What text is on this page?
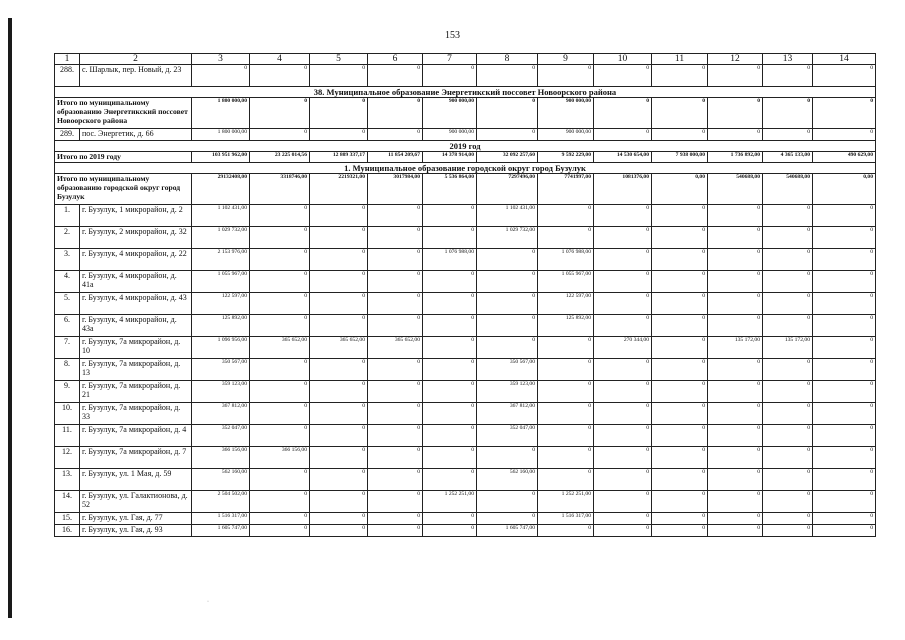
153
1	2	3	4	5	6	7	8	9	10	11	12	13	14
288.	с. Шарлык, пер. Новый, д. 23	0	0	0	0	0	0	0	0	0	0	0	0
38. Муниципальное образование Энергетикский поссовет Новоорского района													
Итого по муниципальному образованию Энергетикский поссовет Новоорского района		1 800 000,00	0	0	0	900 000,00	0	900 000,00	0	0	0	0	0
289.	пос. Энергетик, д. 66	1 800 000,00	0	0	0	900 000,00	0	900 000,00	0	0	0	0	0
2019 год													
Итого по 2019 году		103 951 962,00	23 225 014,56	12 809 337,17	11 854 209,67	14 378 914,00	32 092 257,60	9 592 229,00	14 530 654,00	7 938 000,00	1 736 892,00	4 365 133,00	490 629,00
1. Муниципальное образование городской округ город Бузулук													
Итого по муниципальному образованию городской округ город Бузулук		29132408,00	3318746,00	2219321,00	3017984,00	5 536 864,00	7297496,00	7741997,00	1081376,00	0,00	540688,00	540688,00	0,00
1.	г. Бузулук, 1 микрорайон, д. 2	1 102 431,00	0	0	0	0	1 102 431,00	0	0	0	0	0	0
2.	г. Бузулук, 2 микрорайон, д. 32	1 029 732,00	0	0	0	0	1 029 732,00	0	0	0	0	0	0
3.	г. Бузулук, 4 микрорайон, д. 22	2 153 976,00	0	0	0	1 076 988,00	0	1 076 988,00	0	0	0	0	0
4.	г. Бузулук, 4 микрорайон, д. 41а	1 055 967,00	0	0	0	0	0	1 055 967,00	0	0	0	0	0
5.	г. Бузулук, 4 микрорайон, д. 43	122 597,00	0	0	0	0	0	122 597,00	0	0	0	0	0
6.	г. Бузулук, 4 микрорайон, д. 43а	125 892,00	0	0	0	0	0	125 892,00	0	0	0	0	0
7.	г. Бузулук, 7а микрорайон, д. 10	1 096 956,00	365 652,00	365 652,00	365 652,00	0	0	0	270 344,00	0	135 172,00	135 172,00	0
8.	г. Бузулук, 7а микрорайон, д. 13	350 567,00	0	0	0	0	350 567,00	0	0	0	0	0	0
9.	г. Бузулук, 7а микрорайон, д. 21	359 123,00	0	0	0	0	359 123,00	0	0	0	0	0	0
10.	г. Бузулук, 7а микрорайон, д. 33	367 812,00	0	0	0	0	367 812,00	0	0	0	0	0	0
11.	г. Бузулук, 7а микрорайон, д. 4	352 047,00	0	0	0	0	352 047,00	0	0	0	0	0	0
12.	г. Бузулук, 7а микрорайон, д. 7	366 156,00	366 156,00	0	0	0	0	0	0	0	0	0	0
13.	г. Бузулук, ул. 1 Мая, д. 59	562 160,00	0	0	0	0	562 160,00	0	0	0	0	0	0
14.	г. Бузулук, ул. Галактионова, д. 52	2 504 502,00	0	0	0	1 252 251,00	0	1 252 251,00	0	0	0	0	0
15.	г. Бузулук, ул. Гая, д. 77	1 516 317,00	0	0	0	0	0	1 516 317,00	0	0	0	0	0
16.	г. Бузулук, ул. Гая, д. 93	1 605 747,00	0	0	0	0	1 605 747,00	0	0	0	0	0	0
·
